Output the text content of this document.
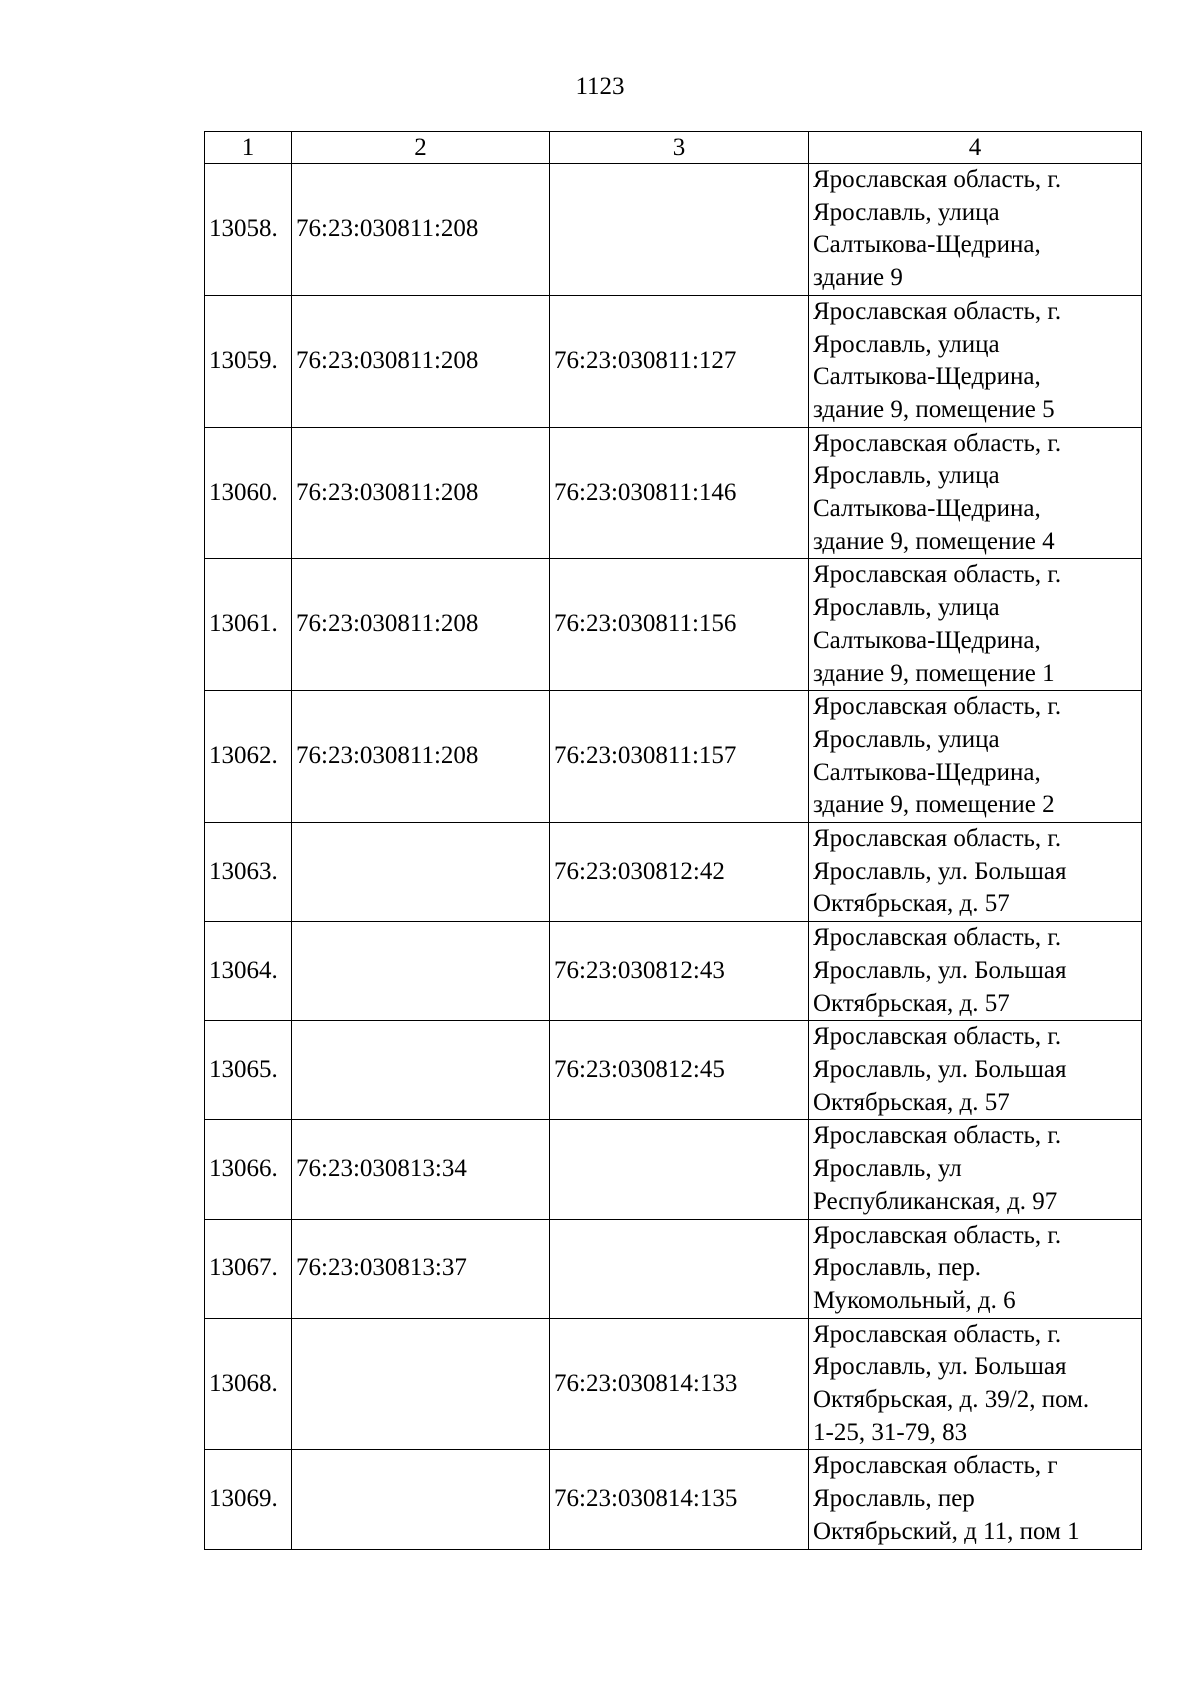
1123
1	2	3	4
13058.	76:23:030811:208		Ярославская область, г.
Ярославль, улица
Салтыкова-Щедрина,
здание 9
13059.	76:23:030811:208	76:23:030811:127	Ярославская область, г.
Ярославль, улица
Салтыкова-Щедрина,
здание 9, помещение 5
13060.	76:23:030811:208	76:23:030811:146	Ярославская область, г.
Ярославль, улица
Салтыкова-Щедрина,
здание 9, помещение 4
13061.	76:23:030811:208	76:23:030811:156	Ярославская область, г.
Ярославль, улица
Салтыкова-Щедрина,
здание 9, помещение 1
13062.	76:23:030811:208	76:23:030811:157	Ярославская область, г.
Ярославль, улица
Салтыкова-Щедрина,
здание 9, помещение 2
13063.		76:23:030812:42	Ярославская область, г.
Ярославль, ул. Большая
Октябрьская, д. 57
13064.		76:23:030812:43	Ярославская область, г.
Ярославль, ул. Большая
Октябрьская, д. 57
13065.		76:23:030812:45	Ярославская область, г.
Ярославль, ул. Большая
Октябрьская, д. 57
13066.	76:23:030813:34		Ярославская область, г.
Ярославль, ул
Республиканская, д. 97
13067.	76:23:030813:37		Ярославская область, г.
Ярославль, пер.
Мукомольный, д. 6
13068.		76:23:030814:133	Ярославская область, г.
Ярославль, ул. Большая
Октябрьская, д. 39/2, пом.
1-25, 31-79, 83
13069.		76:23:030814:135	Ярославская область, г
Ярославль, пер
Октябрьский, д 11, пом 1
